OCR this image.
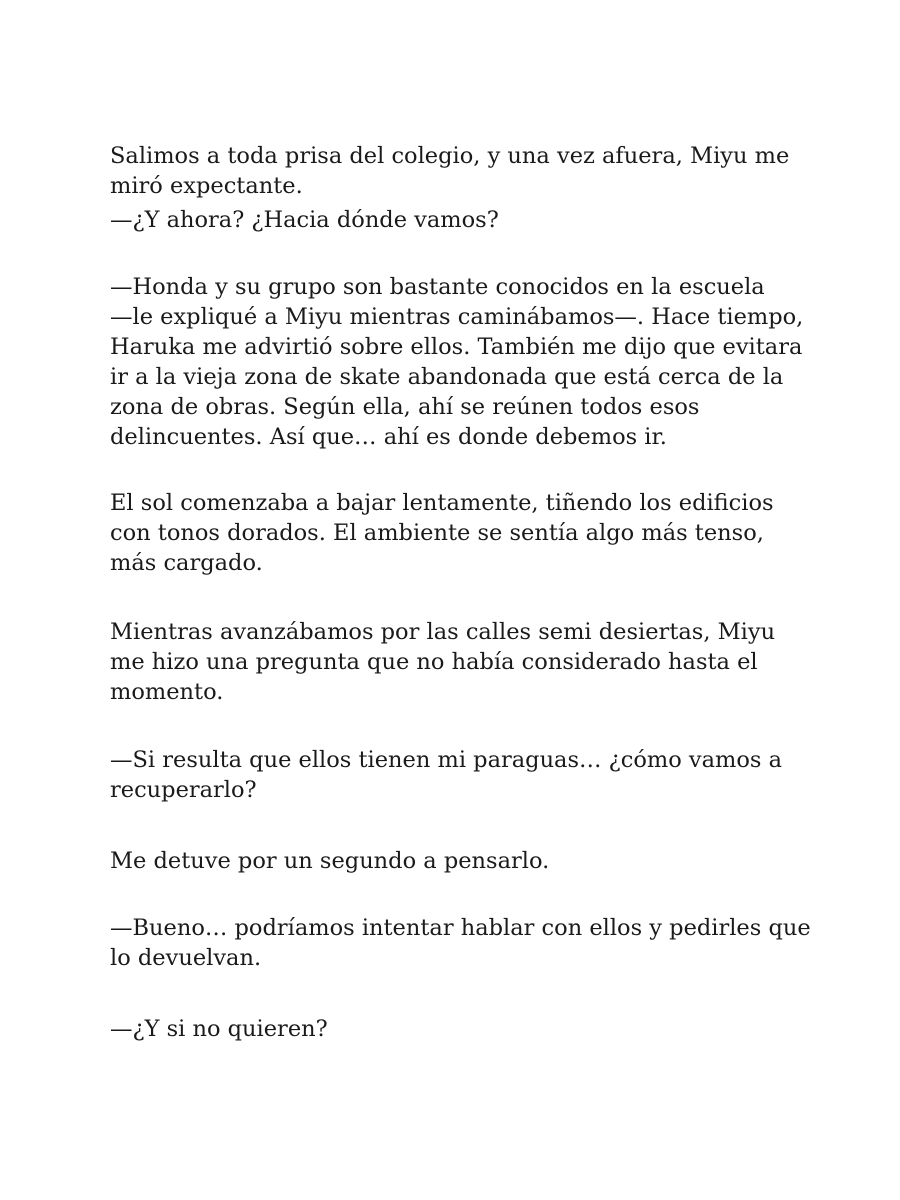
Salimos a toda prisa del colegio, y una vez afuera, Miyu me
miró expectante.
—¿Y ahora? ¿Hacia dónde vamos?
—Honda y su grupo son bastante conocidos en la escuela
—le expliqué a Miyu mientras caminábamos—. Hace tiempo,
Haruka me advirtió sobre ellos. También me dijo que evitara
ir a la vieja zona de skate abandonada que está cerca de la
zona de obras. Según ella, ahí se reúnen todos esos
delincuentes. Así que… ahí es donde debemos ir.
El sol comenzaba a bajar lentamente, tiñendo los edificios
con tonos dorados. El ambiente se sentía algo más tenso,
más cargado.
Mientras avanzábamos por las calles semi desiertas, Miyu
me hizo una pregunta que no había considerado hasta el
momento.
—Si resulta que ellos tienen mi paraguas… ¿cómo vamos a
recuperarlo?
Me detuve por un segundo a pensarlo.
—Bueno… podríamos intentar hablar con ellos y pedirles que
lo devuelvan.
—¿Y si no quieren?
